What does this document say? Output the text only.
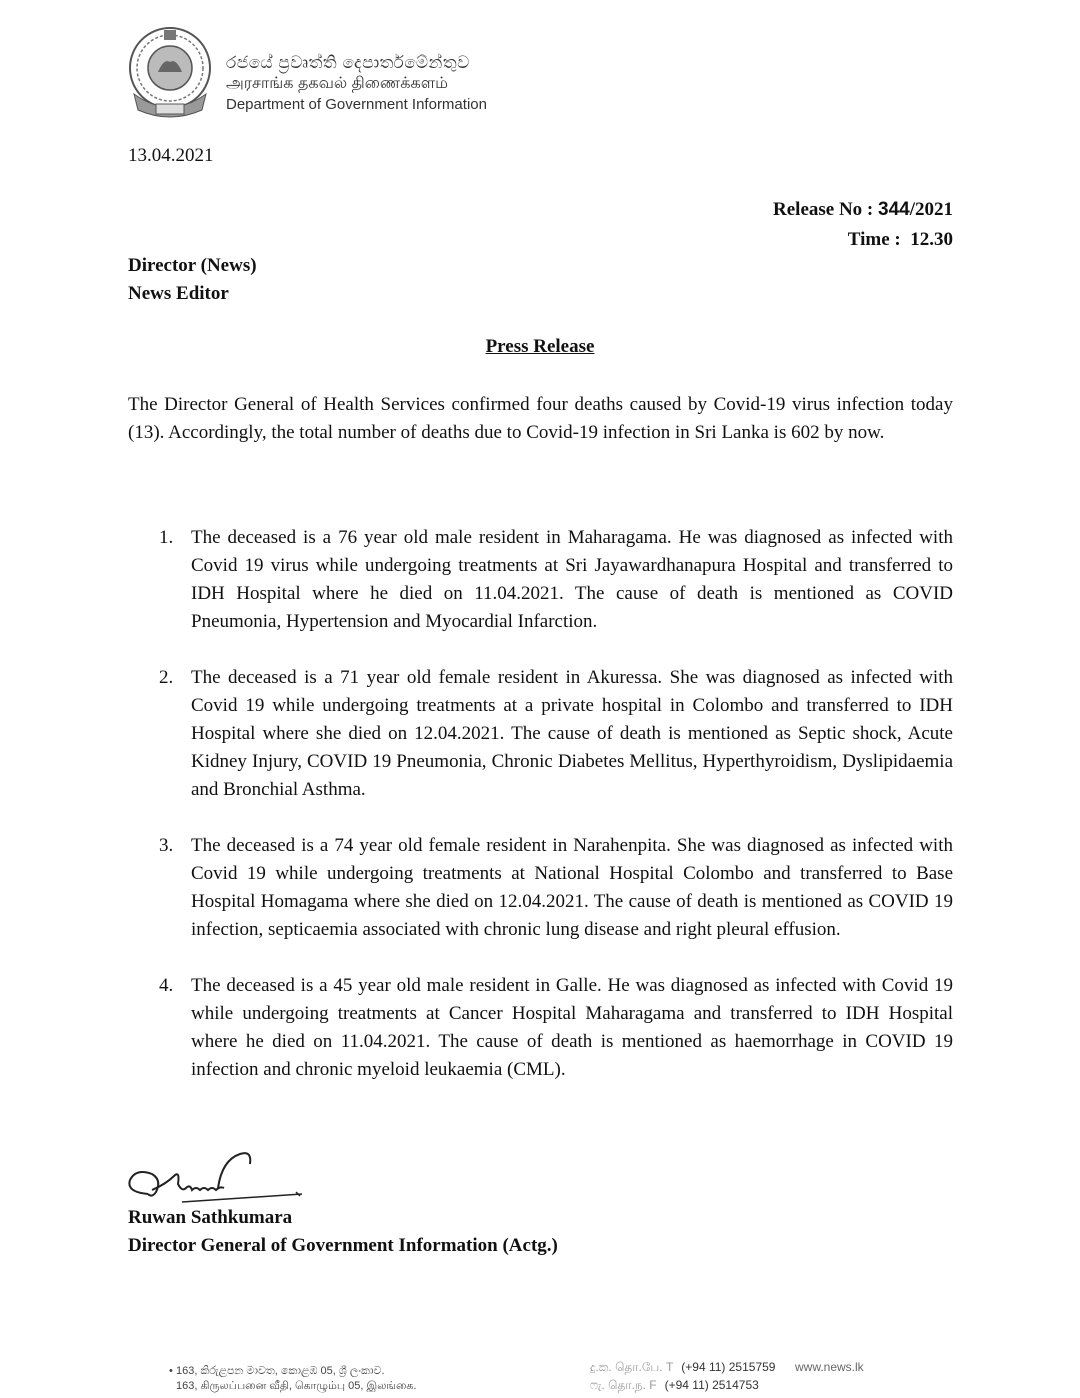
රජයේ ප්‍රවෘත්ති දෙපාර්තමේන්තුව
அரசாங்க தகவல் திணைக்களம்
Department of Government Information
13.04.2021
Release No : 344/2021
Time :  12.30
Director (News)
News Editor
Press Release

The Director General of Health Services confirmed four deaths caused by Covid-19 virus infection today (13). Accordingly, the total number of deaths due to Covid-19 infection in Sri Lanka is 602 by now.

1. The deceased is a 76 year old male resident in Maharagama. He was diagnosed as infected with Covid 19 virus while undergoing treatments at Sri Jayawardhanapura Hospital and transferred to IDH Hospital where he died on 11.04.2021. The cause of death is mentioned as COVID Pneumonia, Hypertension and Myocardial Infarction.
2. The deceased is a 71 year old female resident in Akuressa. She was diagnosed as infected with Covid 19 while undergoing treatments at a private hospital in Colombo and transferred to IDH Hospital where she died on 12.04.2021. The cause of death is mentioned as Septic shock, Acute Kidney Injury, COVID 19 Pneumonia, Chronic Diabetes Mellitus, Hyperthyroidism, Dyslipidaemia and Bronchial Asthma.
3. The deceased is a 74 year old female resident in Narahenpita. She was diagnosed as infected with Covid 19 while undergoing treatments at National Hospital Colombo and transferred to Base Hospital Homagama where she died on 12.04.2021. The cause of death is mentioned as COVID 19 infection, septicaemia associated with chronic lung disease and right pleural effusion.
4. The deceased is a 45 year old male resident in Galle. He was diagnosed as infected with Covid 19 while undergoing treatments at Cancer Hospital Maharagama and transferred to IDH Hospital where he died on 11.04.2021. The cause of death is mentioned as haemorrhage in COVID 19 infection and chronic myeloid leukaemia (CML).
Ruwan Sathkumara
Director General of Government Information (Actg.)
• 163, කිරුළපන මාවත, කොළඹ 05, ශ්‍රී ලංකාව.
163, கிருலப்பனை வீதி, கொழும்பு 05, இலங்கை.
දු.ක. தொ.பே. T (+94 11) 2515759
ෆැ. தொ.ந. F (+94 11) 2514753
www.news.lk
